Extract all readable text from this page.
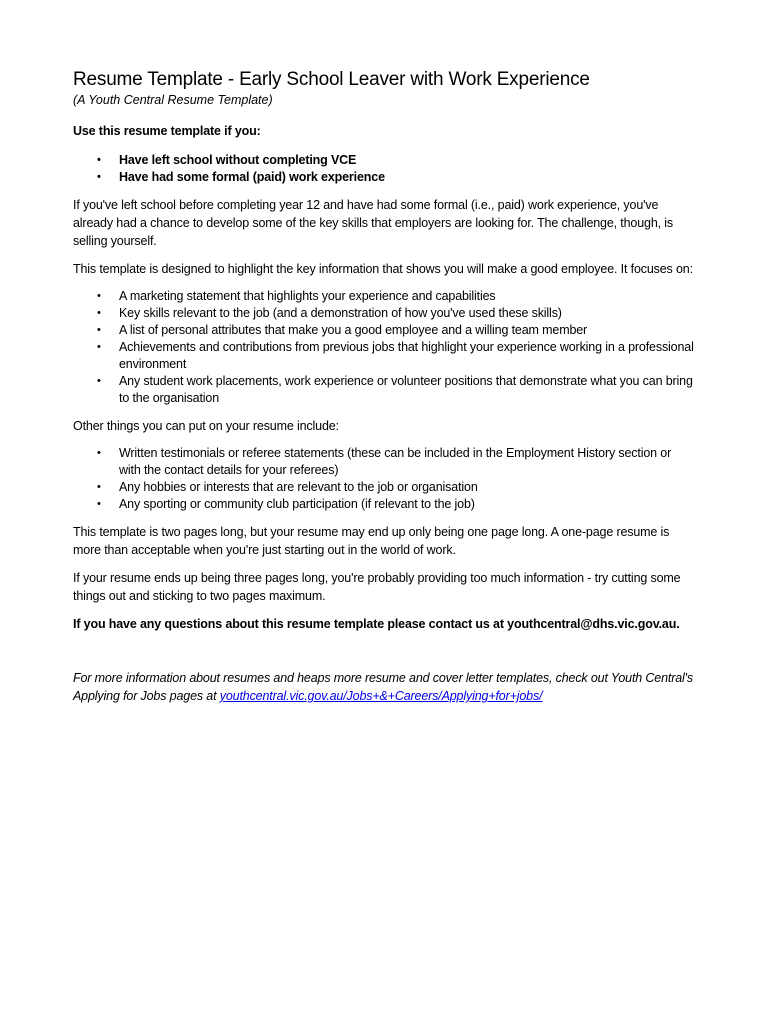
Resume Template - Early School Leaver with Work Experience
(A Youth Central Resume Template)

Use this resume template if you:

• Have left school without completing VCE
• Have had some formal (paid) work experience

If you've left school before completing year 12 and have had some formal (i.e., paid) work experience, you've already had a chance to develop some of the key skills that employers are looking for. The challenge, though, is selling yourself.

This template is designed to highlight the key information that shows you will make a good employee. It focuses on:

• A marketing statement that highlights your experience and capabilities
• Key skills relevant to the job (and a demonstration of how you've used these skills)
• A list of personal attributes that make you a good employee and a willing team member
• Achievements and contributions from previous jobs that highlight your experience working in a professional environment
• Any student work placements, work experience or volunteer positions that demonstrate what you can bring to the organisation

Other things you can put on your resume include:

• Written testimonials or referee statements (these can be included in the Employment History section or with the contact details for your referees)
• Any hobbies or interests that are relevant to the job or organisation
• Any sporting or community club participation (if relevant to the job)

This template is two pages long, but your resume may end up only being one page long. A one-page resume is more than acceptable when you're just starting out in the world of work.

If your resume ends up being three pages long, you're probably providing too much information - try cutting some things out and sticking to two pages maximum.

If you have any questions about this resume template please contact us at youthcentral@dhs.vic.gov.au.

For more information about resumes and heaps more resume and cover letter templates, check out Youth Central's Applying for Jobs pages at youthcentral.vic.gov.au/Jobs+&+Careers/Applying+for+jobs/
